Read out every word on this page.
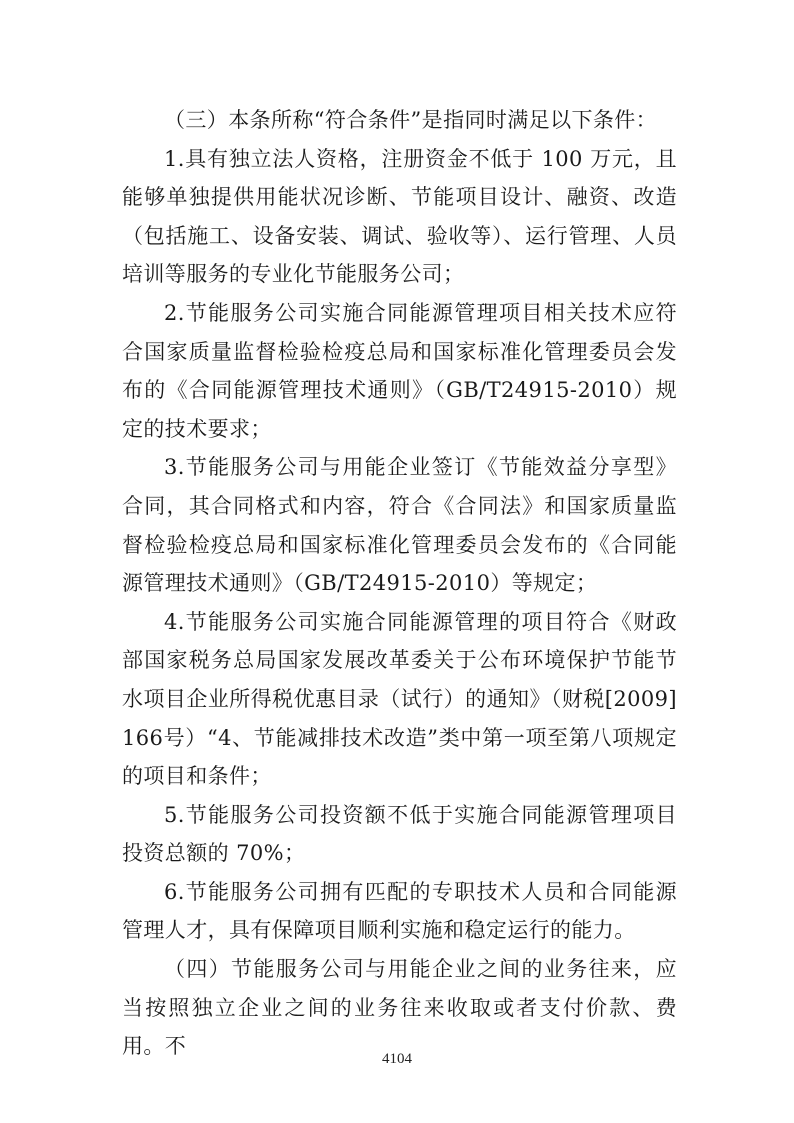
（三）本条所称“符合条件”是指同时满足以下条件：

1.具有独立法人资格，注册资金不低于 100 万元，且能够单独提供用能状况诊断、节能项目设计、融资、改造（包括施工、设备安装、调试、验收等）、运行管理、人员培训等服务的专业化节能服务公司；

2.节能服务公司实施合同能源管理项目相关技术应符合国家质量监督检验检疫总局和国家标准化管理委员会发布的《合同能源管理技术通则》（GB/T24915-2010）规定的技术要求；

3.节能服务公司与用能企业签订《节能效益分享型》合同，其合同格式和内容，符合《合同法》和国家质量监督检验检疫总局和国家标准化管理委员会发布的《合同能源管理技术通则》（GB/T24915-2010）等规定；

4.节能服务公司实施合同能源管理的项目符合《财政部国家税务总局国家发展改革委关于公布环境保护节能节水项目企业所得税优惠目录（试行）的通知》（财税[2009]166号）“4、节能减排技术改造”类中第一项至第八项规定的项目和条件；

5.节能服务公司投资额不低于实施合同能源管理项目投资总额的 70%；

6.节能服务公司拥有匹配的专职技术人员和合同能源管理人才，具有保障项目顺利实施和稳定运行的能力。

（四）节能服务公司与用能企业之间的业务往来，应当按照独立企业之间的业务往来收取或者支付价款、费用。不

4104
